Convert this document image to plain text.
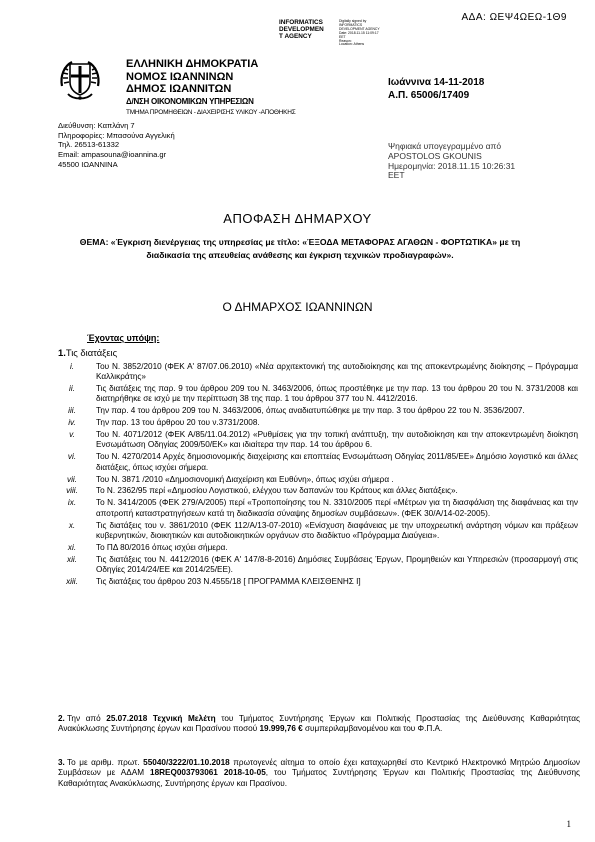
ΑΔΑ: ΩΕΨ4ΩΕΩ-1Θ9
INFORMATICS
DEVELOPMEN
T AGENCY
Digitally signed by
INFORMATICS
DEVELOPMENT AGENCY
Date: 2018.11.15 11:09:17
EET
Reason:
Location: Athens
ΕΛΛΗΝΙΚΗ ΔΗΜΟΚΡΑΤΙΑ
ΝΟΜΟΣ ΙΩΑΝΝΙΝΩΝ
ΔΗΜΟΣ ΙΩΑΝΝΙΤΩΝ
Δ/ΝΣΗ ΟΙΚΟΝΟΜΙΚΩΝ ΥΠΗΡΕΣΙΩΝ
ΤΜΗΜΑ ΠΡΟΜΗΘΕΙΩΝ - ΔΙΑΧΕΙΡΙΣΗΣ ΥΛΙΚΟΥ -ΑΠΟΘΗΚΗΣ
Ιωάννινα 14-11-2018
Α.Π. 65006/17409
Διεύθυνση: Καπλάνη 7
Πληροφορίες: Μπασούνα Αγγελική
Τηλ. 26513-61332
Email: ampasouna@ioannina.gr
45500 ΙΩΑΝΝΙΝΑ
Ψηφιακά υπογεγραμμένο από
APOSTOLOS GKOUNIS
Ημερομηνία: 2018.11.15 10:26:31
EET
ΑΠΟΦΑΣΗ ΔΗΜΑΡΧΟΥ
ΘΕΜΑ: «Έγκριση διενέργειας της υπηρεσίας με τίτλο: «ΈΞΟΔΑ ΜΕΤΑΦΟΡΑΣ ΑΓΑΘΩΝ - ΦΟΡΤΩΤΙΚΑ» με τη
διαδικασία της απευθείας ανάθεσης και έγκριση τεχνικών προδιαγραφών».
Ο ΔΗΜΑΡΧΟΣ ΙΩΑΝΝΙΝΩΝ
Έχοντας υπόψη:
1.Τις διατάξεις
i.	Του Ν. 3852/2010 (ΦΕΚ Α' 87/07.06.2010) «Νέα αρχιτεκτονική της αυτοδιοίκησης και της αποκεντρωμένης διοίκησης – Πρόγραμμα Καλλικράτης»
ii.	Τις διατάξεις της παρ. 9 του άρθρου 209 του Ν. 3463/2006, όπως προστέθηκε με την παρ. 13 του άρθρου 20 του Ν. 3731/2008 και διατηρήθηκε σε ισχύ με την περίπτωση 38 της παρ. 1 του άρθρου 377 του Ν. 4412/2016.
iii.	Την παρ. 4 του άρθρου 209 του Ν. 3463/2006, όπως αναδιατυπώθηκε με την παρ. 3 του άρθρου 22 του Ν. 3536/2007.
iv.	Την παρ. 13 του άρθρου 20 του ν.3731/2008.
v.	Του Ν. 4071/2012 (ΦΕΚ Α/85/11.04.2012) «Ρυθμίσεις για την τοπική ανάπτυξη, την αυτοδιοίκηση και την αποκεντρωμένη διοίκηση Ενσωμάτωση Οδηγίας 2009/50/ΕΚ» και ιδιαίτερα την παρ. 14 του άρθρου 6.
vi.	Του Ν. 4270/2014 Αρχές δημοσιονομικής διαχείρισης και εποπτείας Ενσωμάτωση Οδηγίας 2011/85/ΕΕ» Δημόσιο λογιστικό και άλλες διατάξεις, όπως ισχύει σήμερα.
vii.	Του Ν. 3871 /2010 «Δημοσιονομική Διαχείριση και Ευθύνη», όπως ισχύει σήμερα .
viii.	Το Ν. 2362/95 περί «Δημοσίου Λογιστικού, ελέγχου των δαπανών του Κράτους και άλλες διατάξεις».
ix.	Το Ν. 3414/2005 (ΦΕΚ 279/Α/2005) περί «Τροποποίησης του Ν. 3310/2005 περί «Μέτρων για τη διασφάλιση της διαφάνειας και την αποτροπή καταστρατηγήσεων κατά τη διαδικασία σύναψης δημοσίων συμβάσεων». (ΦΕΚ 30/Α/14-02-2005).
x.	Τις διατάξεις του ν. 3861/2010 (ΦΕΚ 112/Α/13-07-2010) «Ενίσχυση διαφάνειας με την υποχρεωτική ανάρτηση νόμων και πράξεων κυβερνητικών, διοικητικών και αυτοδιοικητικών οργάνων στο διαδίκτυο «Πρόγραμμα Διαύγεια».
xi.	Το ΠΔ 80/2016 όπως ισχύει σήμερα.
xii.	Τις διατάξεις του Ν. 4412/2016 (ΦΕΚ Α' 147/8-8-2016) Δημόσιες Συμβάσεις Έργων, Προμηθειών και Υπηρεσιών (προσαρμογή στις Οδηγίες 2014/24/ΕΕ και 2014/25/ΕΕ).
xiii.	Τις διατάξεις του άρθρου 203 Ν.4555/18 [ ΠΡΟΓΡΑΜΜΑ ΚΛΕΙΣΘΕΝΗΣ Ι]
2. Την από 25.07.2018 Τεχνική Μελέτη του Τμήματος Συντήρησης Έργων και Πολιτικής Προστασίας της Διεύθυνσης Καθαριότητας Ανακύκλωσης Συντήρησης έργων και Πρασίνου ποσού 19.999,76 € συμπεριλαμβανομένου και του Φ.Π.Α.
3. Το με αριθμ. πρωτ. 55040/3222/01.10.2018 πρωτογενές αίτημα το οποίο έχει καταχωρηθεί στο Κεντρικό Ηλεκτρονικό Μητρώο Δημοσίων Συμβάσεων με ΑΔΑΜ 18REQ003793061 2018-10-05, του Τμήματος Συντήρησης Έργων και Πολιτικής Προστασίας της Διεύθυνσης Καθαριότητας Ανακύκλωσης, Συντήρησης έργων και Πρασίνου.
1
